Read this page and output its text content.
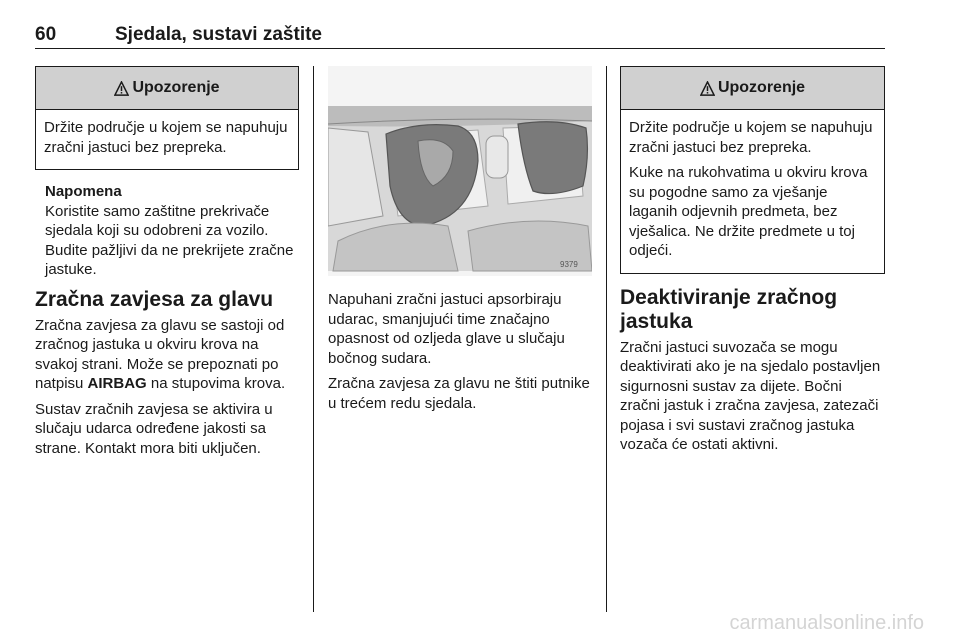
60	Sjedala, sustavi zaštite
Upozorenje

Držite područje u kojem se napuhuju zračni jastuci bez prepreka.

Napomena

Koristite samo zaštitne prekrivače sjedala koji su odobreni za vozilo. Budite pažljivi da ne prekrijete zračne jastuke.

Zračna zavjesa za glavu

Zračna zavjesa za glavu se sastoji od zračnog jastuka u okviru krova na svakoj strani. Može se prepoznati po natpisu AIRBAG na stupovima krova.

Sustav zračnih zavjesa se aktivira u slučaju udarca određene jakosti sa strane. Kontakt mora biti uključen.

9379

Napuhani zračni jastuci apsorbiraju udarac, smanjujući time značajno opasnost od ozljeda glave u slučaju bočnog sudara.

Zračna zavjesa za glavu ne štiti putnike u trećem redu sjedala.

Upozorenje

Držite područje u kojem se napuhuju zračni jastuci bez prepreka.

Kuke na rukohvatima u okviru krova su pogodne samo za vješanje laganih odjevnih predmeta, bez vješalica. Ne držite predmete u toj odjeći.

Deaktiviranje zračnog jastuka

Zračni jastuci suvozača se mogu deaktivirati ako je na sjedalo postavljen sigurnosni sustav za dijete. Bočni zračni jastuk i zračna zavjesa, zatezači pojasa i svi sustavi zračnog jastuka vozača će ostati aktivni.

carmanualsonline.info
